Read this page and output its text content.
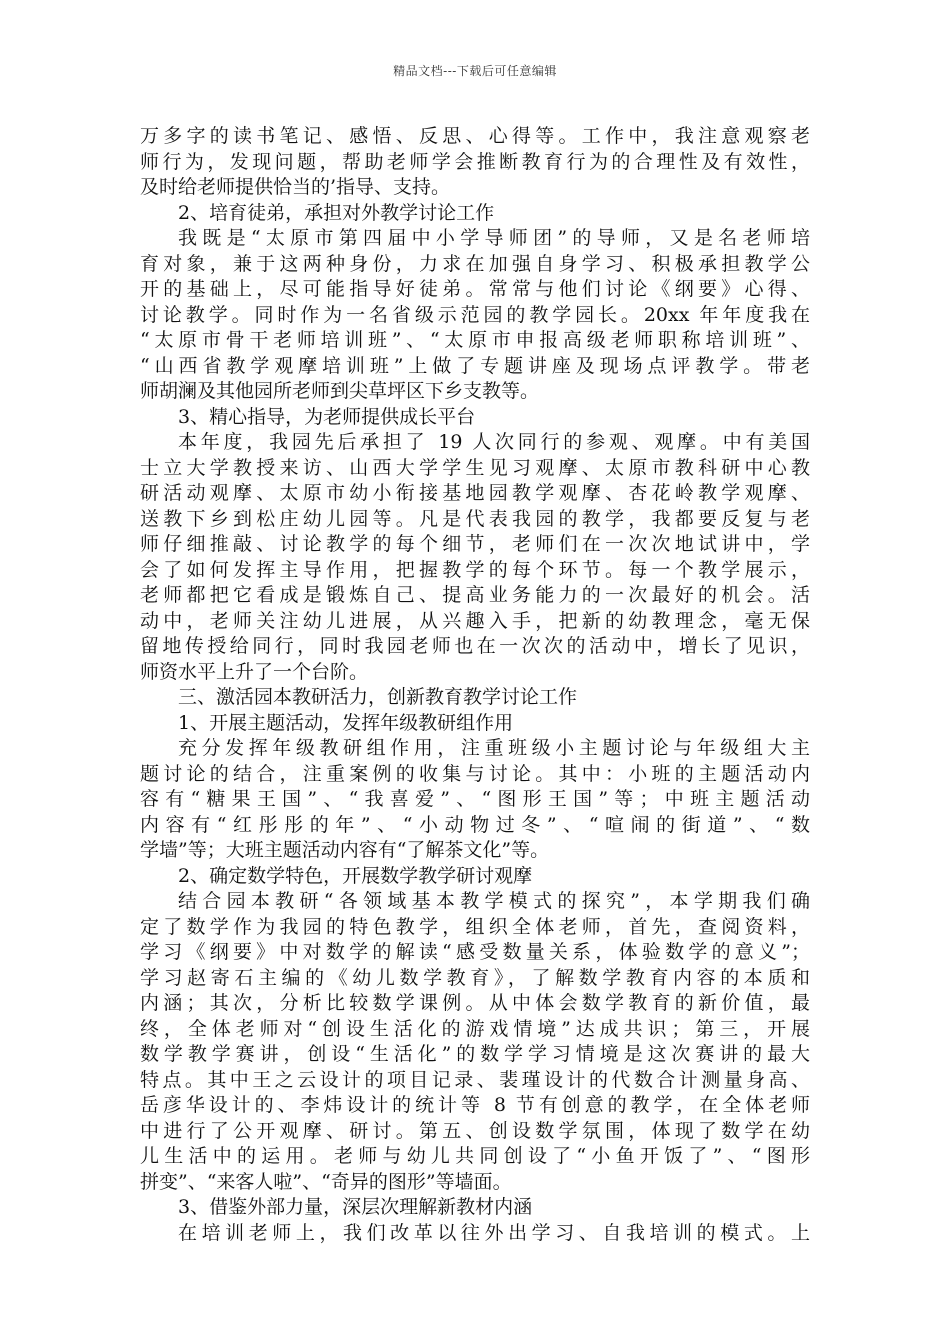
精品文档---下载后可任意编辑
万多字的读书笔记、感悟、反思、心得等。工作中，我注意观察老
师行为，发现问题，帮助老师学会推断教育行为的合理性及有效性，
及时给老师提供恰当的’指导、支持。
2、培育徒弟，承担对外教学讨论工作
我既是“太原市第四届中小学导师团”的导师，又是名老师培
育对象，兼于这两种身份，力求在加强自身学习、积极承担教学公
开的基础上，尽可能指导好徒弟。常常与他们讨论《纲要》心得、
讨论教学。同时作为一名省级示范园的教学园长。20xx 年年度我在
“太原市骨干老师培训班”、“太原市申报高级老师职称培训班”、
“山西省教学观摩培训班”上做了专题讲座及现场点评教学。带老
师胡澜及其他园所老师到尖草坪区下乡支教等。
3、精心指导，为老师提供成长平台
本年度，我园先后承担了 19 人次同行的参观、观摩。中有美国
士立大学教授来访、山西大学学生见习观摩、太原市教科研中心教
研活动观摩、太原市幼小衔接基地园教学观摩、杏花岭教学观摩、
送教下乡到松庄幼儿园等。凡是代表我园的教学，我都要反复与老
师仔细推敲、讨论教学的每个细节，老师们在一次次地试讲中，学
会了如何发挥主导作用，把握教学的每个环节。每一个教学展示，
老师都把它看成是锻炼自己、提高业务能力的一次最好的机会。活
动中，老师关注幼儿进展，从兴趣入手，把新的幼教理念，毫无保
留地传授给同行，同时我园老师也在一次次的活动中，增长了见识，
师资水平上升了一个台阶。
三、激活园本教研活力，创新教育教学讨论工作
1、开展主题活动，发挥年级教研组作用
充分发挥年级教研组作用，注重班级小主题讨论与年级组大主
题讨论的结合，注重案例的收集与讨论。其中：小班的主题活动内
容有“糖果王国”、“我喜爱”、“图形王国”等；中班主题活动
内容有“红彤彤的年”、“小动物过冬”、“喧闹的街道”、“数
学墙”等；大班主题活动内容有“了解茶文化”等。
2、确定数学特色，开展数学教学研讨观摩
结合园本教研“各领域基本教学模式的探究”，本学期我们确
定了数学作为我园的特色教学，组织全体老师，首先，查阅资料，
学习《纲要》中对数学的解读“感受数量关系，体验数学的意义”；
学习赵寄石主编的《幼儿数学教育》，了解数学教育内容的本质和
内涵；其次，分析比较数学课例。从中体会数学教育的新价值，最
终，全体老师对“创设生活化的游戏情境”达成共识；第三，开展
数学教学赛讲，创设“生活化”的数学学习情境是这次赛讲的最大
特点。其中王之云设计的项目记录、裴瑾设计的代数合计测量身高、
岳彦华设计的、李炜设计的统计等 8 节有创意的教学，在全体老师
中进行了公开观摩、研讨。第五、创设数学氛围，体现了数学在幼
儿生活中的运用。老师与幼儿共同创设了“小鱼开饭了”、“图形
拼变”、“来客人啦”、“奇异的图形”等墙面。
3、借鉴外部力量，深层次理解新教材内涵
在培训老师上，我们改革以往外出学习、自我培训的模式。上
